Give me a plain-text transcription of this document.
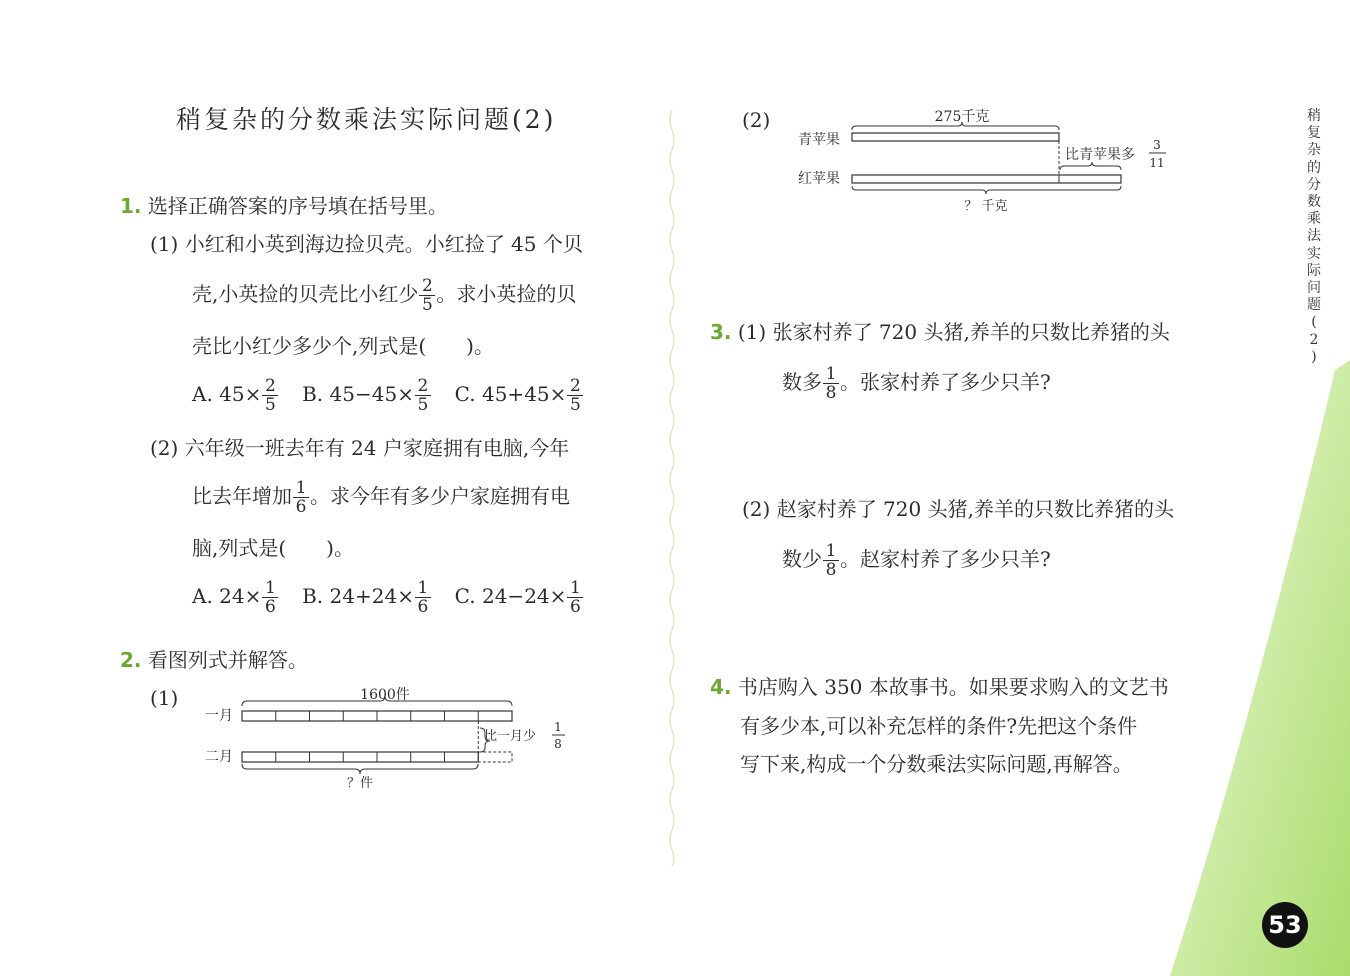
稍复杂的分数乘法实际问题(2)	稍
复
杂
的
分
数
乘
法
实
际
问
题
(
2
)
1. 选择正确答案的序号填在括号里。
(1) 小红和小英到海边捡贝壳。小红捡了 45 个贝
壳,小英捡的贝壳比小红少 $\frac{2}{5}$ 。求小英捡的贝
壳比小红少多少个,列式是(　　)。
A. $45\times \frac{2}{5} B$. $45-45\times \frac{2}{5} C$. $45+45\times \frac{2}{5}$
(2) 六年级一班去年有 24 户家庭拥有电脑,今年
比去年增加 $\frac{1}{6}$ 。求今年有多少户家庭拥有电
脑,列式是(　　)。
A. $24\times \frac{1}{6} B$. $24+24\times \frac{1}{6} C$. $24-24\times \frac{1}{6}$
2. 看图列式并解答。
(1)	1600件
一月
比一月少
1
8
二月
？件
(2)	275千克
青苹果
比青苹果多
3
11
红苹果
？ 千克
3. (1) 张家村养了 720 头猪,养羊的只数比养猪的头
数多 $\frac{1}{8}$ 。张家村养了多少只羊?
(2) 赵家村养了 720 头猪,养羊的只数比养猪的头
数少 $\frac{1}{8}$ 。赵家村养了多少只羊?
4. 书店购入 350 本故事书。如果要求购入的文艺书
有多少本,可以补充怎样的条件?先把这个条件
写下来,构成一个分数乘法实际问题,再解答。
53
